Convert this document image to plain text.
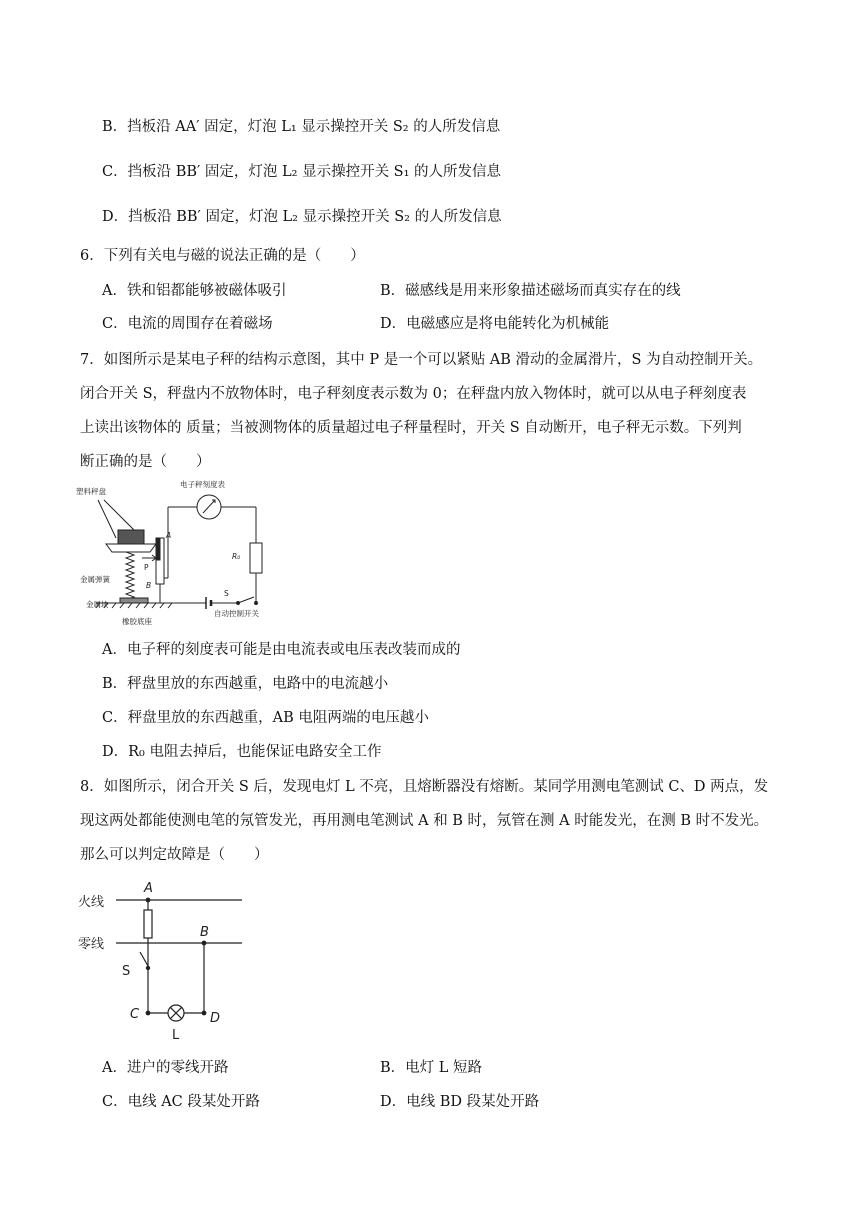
B．挡板沿 AA′ 固定，灯泡 L₁ 显示操控开关 S₂ 的人所发信息
C．挡板沿 BB′ 固定，灯泡 L₂ 显示操控开关 S₁ 的人所发信息
D．挡板沿 BB′ 固定，灯泡 L₂ 显示操控开关 S₂ 的人所发信息
6．下列有关电与磁的说法正确的是（　　）
A．铁和铝都能够被磁体吸引	B．磁感线是用来形象描述磁场而真实存在的线
C．电流的周围存在着磁场	D．电磁感应是将电能转化为机械能
7．如图所示是某电子秤的结构示意图，其中 P 是一个可以紧贴 AB 滑动的金属滑片，S 为自动控制开关。
闭合开关 S，秤盘内不放物体时，电子秤刻度表示数为 0；在秤盘内放入物体时，就可以从电子秤刻度表
上读出该物体的 质量；当被测物体的质量超过电子秤量程时，开关 S 自动断开，电子秤无示数。下列判
断正确的是（　　）
塑料秤盘
电子秤刻度表
金属弹簧
金属块
橡胶底座
自动控制开关
A
B
P
S
R₀
A．电子秤的刻度表可能是由电流表或电压表改装而成的
B．秤盘里放的东西越重，电路中的电流越小
C．秤盘里放的东西越重，AB 电阻两端的电压越小
D．R₀ 电阻去掉后，也能保证电路安全工作
8．如图所示，闭合开关 S 后，发现电灯 L 不亮，且熔断器没有熔断。某同学用测电笔测试 C、D 两点，发
现这两处都能使测电笔的氖管发光，再用测电笔测试 A 和 B 时，氖管在测 A 时能发光，在测 B 时不发光。
那么可以判定故障是（　　）
火线
零线
A
B
C	D
S
L
A．进户的零线开路	B．电灯 L 短路
C．电线 AC 段某处开路	D．电线 BD 段某处开路
